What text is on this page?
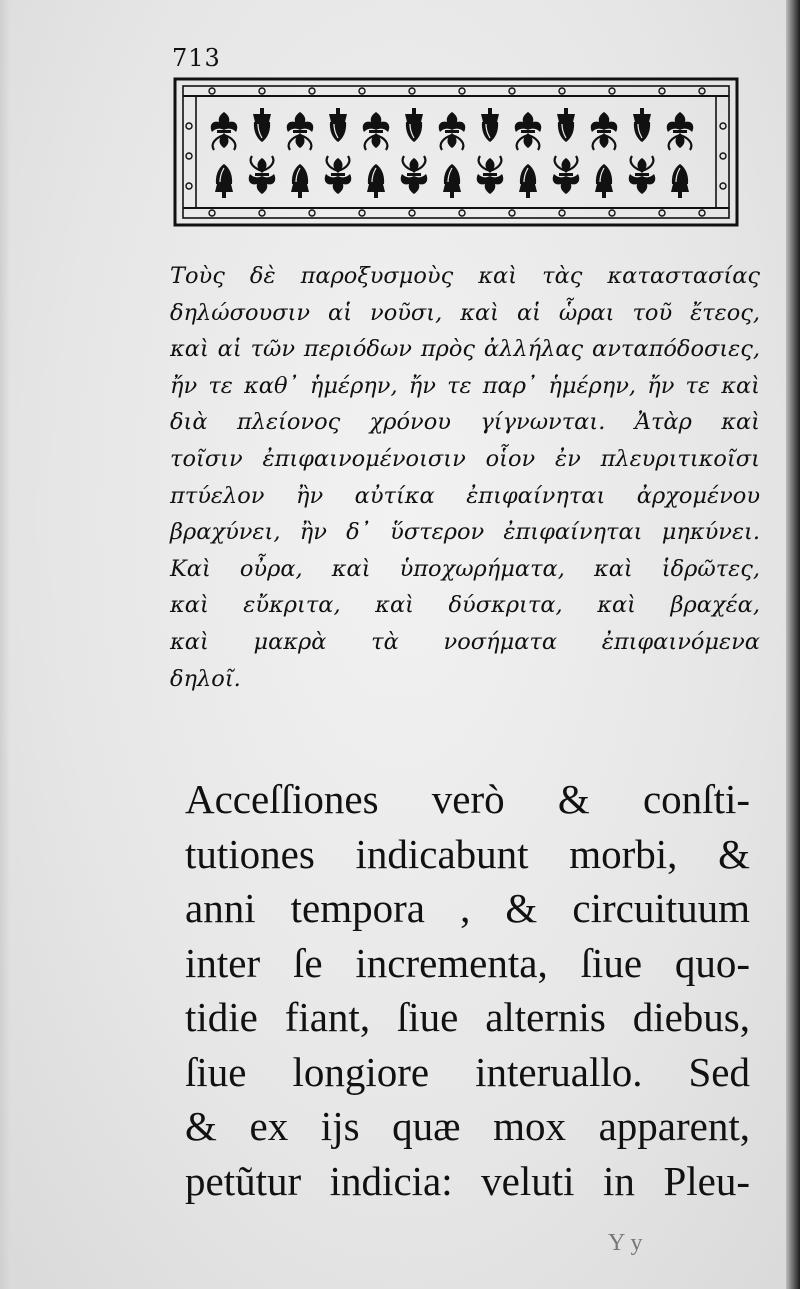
713
Τοὺς δὲ παροξυσμοὺς καὶ τὰς καταστασίας
δηλώσουσιν αἱ νοῦσι, καὶ αἱ ὧραι τοῦ ἔτεος,
καὶ αἱ τῶν περιόδων πρὸς ἀλλήλας ανταπόδοσιες,
ἤν τε καθ᾽ ἡμέρην, ἤν τε παρ᾽ ἡμέρην, ἤν τε καὶ
διὰ πλείονος χρόνου γίγνωνται. Ἀτὰρ καὶ
τοῖσιν ἐπιφαινομένοισιν οἷον ἐν πλευριτικοῖσι
πτύελον ἢν αὐτίκα ἐπιφαίνηται ἀρχομένου
βραχύνει, ἢν δ᾽ ὕστερον ἐπιφαίνηται μηκύνει.
Καὶ οὖρα, καὶ ὑποχωρήματα, καὶ ἱδρῶτες,
καὶ εὔκριτα, καὶ δύσκριτα, καὶ βραχέα,
καὶ μακρὰ τὰ νοσήματα ἐπιφαινόμενα
δηλοῖ.
Acceſſiones verò & conſti-
tutiones indicabunt morbi, &
anni tempora , & circuituum
inter ſe incrementa, ſiue quo-
tidie fiant, ſiue alternis diebus,
ſiue longiore interuallo. Sed
& ex ijs quæ mox apparent,
petũtur indicia: veluti in Pleu-
Y y
